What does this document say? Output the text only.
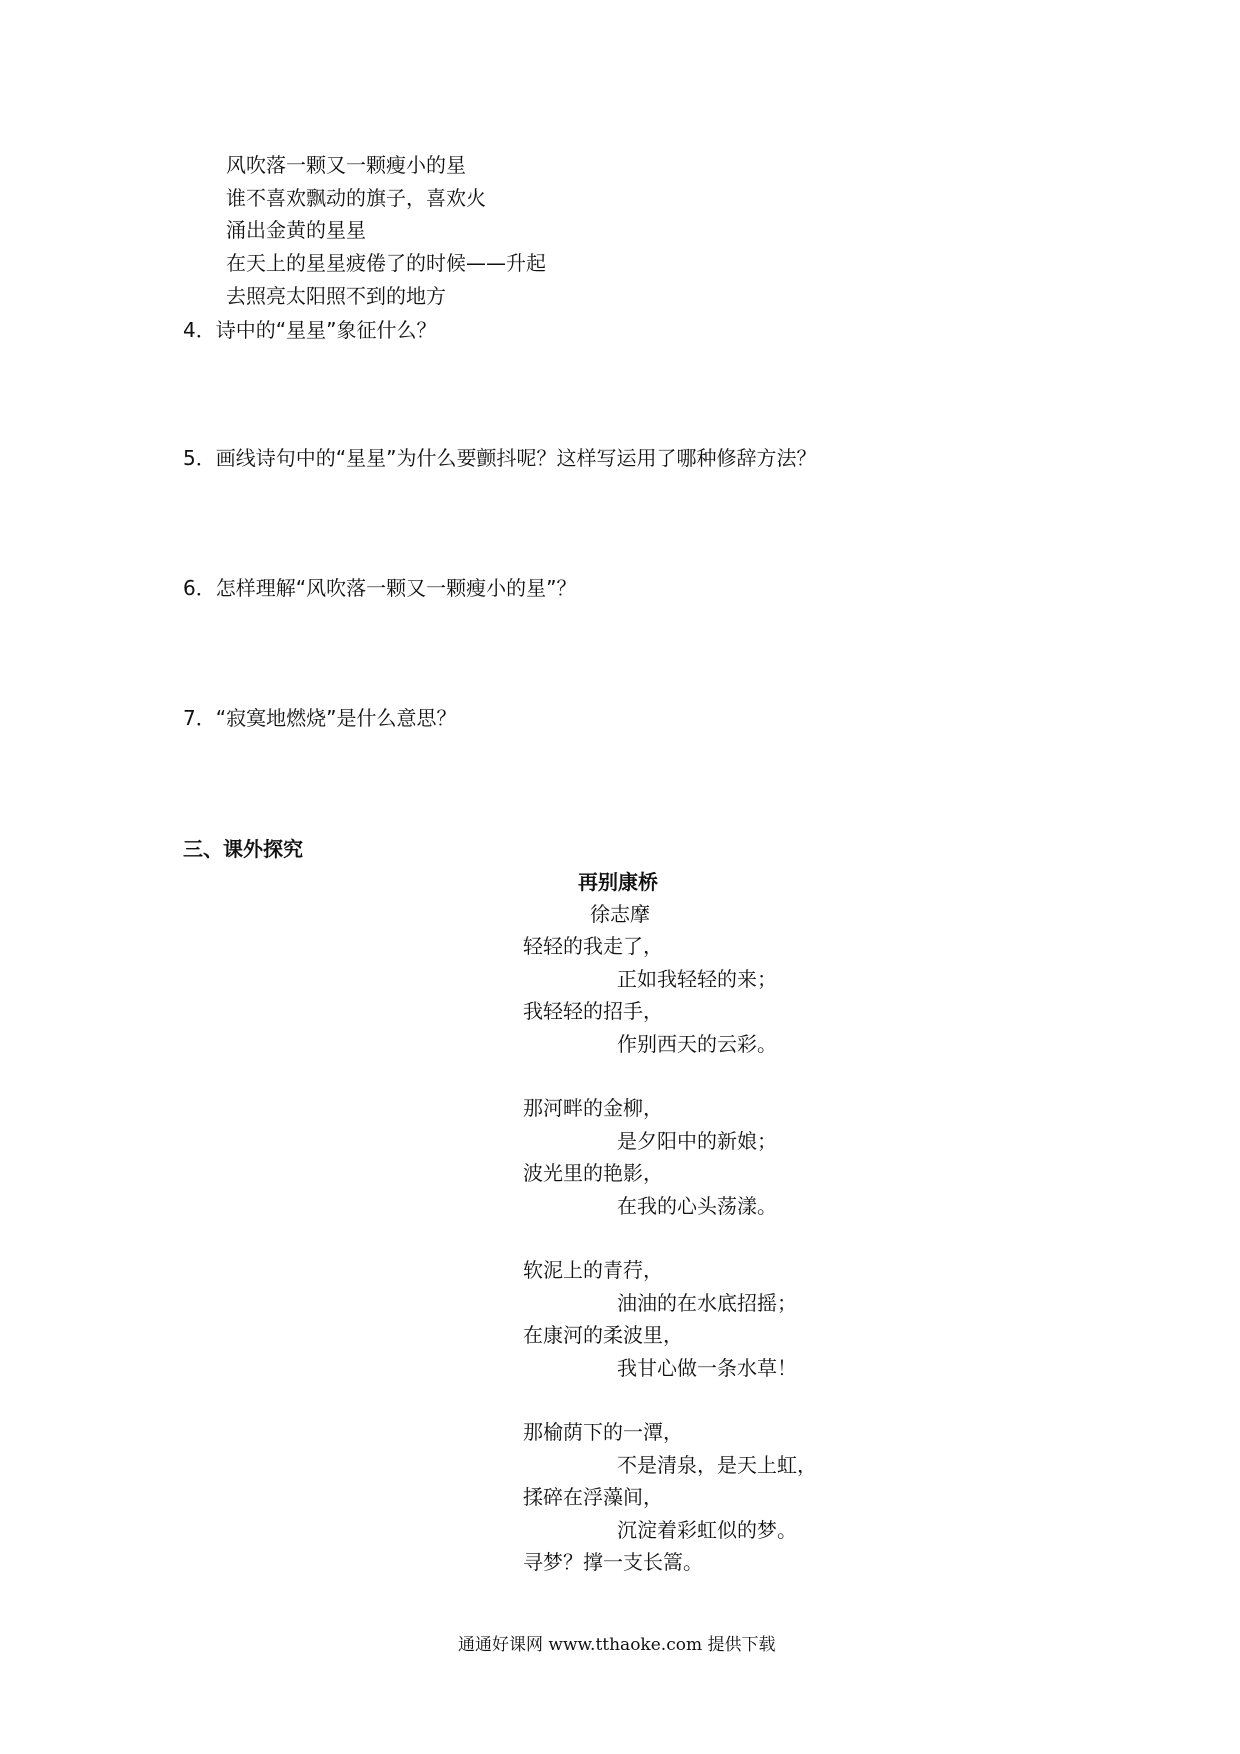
风吹落一颗又一颗瘦小的星
谁不喜欢飘动的旗子，喜欢火
涌出金黄的星星
在天上的星星疲倦了的时候——升起
去照亮太阳照不到的地方
4．诗中的“星星”象征什么？
5．画线诗句中的“星星”为什么要颤抖呢？这样写运用了哪种修辞方法？
6．怎样理解“风吹落一颗又一颗瘦小的星”？
7．“寂寞地燃烧”是什么意思？
三、课外探究
再别康桥
徐志摩
轻轻的我走了，
正如我轻轻的来；
我轻轻的招手，
作别西天的云彩。
那河畔的金柳，
是夕阳中的新娘；
波光里的艳影，
在我的心头荡漾。
软泥上的青荇，
油油的在水底招摇；
在康河的柔波里，
我甘心做一条水草！
那榆荫下的一潭，
不是清泉，是天上虹，
揉碎在浮藻间，
沉淀着彩虹似的梦。
寻梦？撑一支长篙。
通通好课网 www.tthaoke.com 提供下载
